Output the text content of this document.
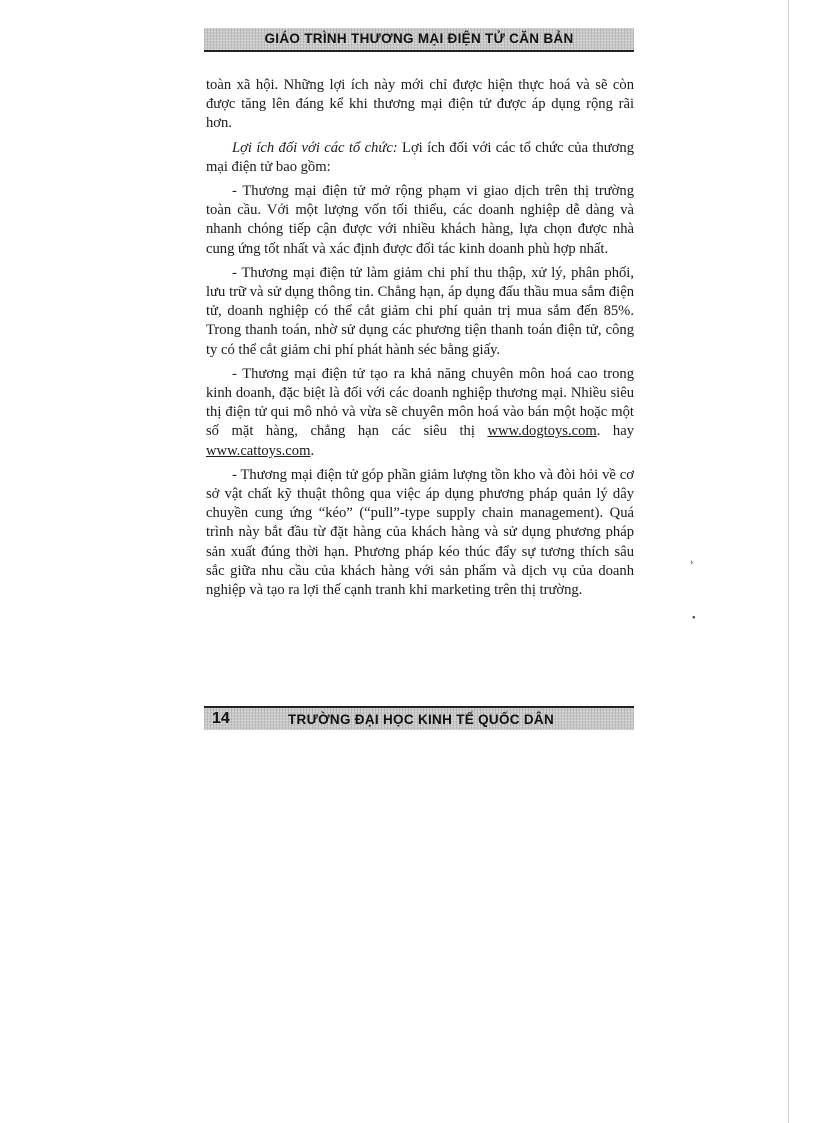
GIÁO TRÌNH THƯƠNG MẠI ĐIỆN TỬ CĂN BẢN

toàn xã hội. Những lợi ích này mới chỉ được hiện thực hoá và sẽ còn được tăng lên đáng kể khi thương mại điện tử được áp dụng rộng rãi hơn.

Lợi ích đối với các tổ chức: Lợi ích đối với các tổ chức của thương mại điện tử bao gồm:

- Thương mại điện tử mở rộng phạm vi giao dịch trên thị trường toàn cầu. Với một lượng vốn tối thiểu, các doanh nghiệp dễ dàng và nhanh chóng tiếp cận được với nhiều khách hàng, lựa chọn được nhà cung ứng tốt nhất và xác định được đối tác kinh doanh phù hợp nhất.

- Thương mại điện tử làm giảm chi phí thu thập, xử lý, phân phối, lưu trữ và sử dụng thông tin. Chẳng hạn, áp dụng đấu thầu mua sắm điện tử, doanh nghiệp có thể cắt giảm chi phí quản trị mua sắm đến 85%. Trong thanh toán, nhờ sử dụng các phương tiện thanh toán điện tử, công ty có thể cắt giảm chi phí phát hành séc bằng giấy.

- Thương mại điện tử tạo ra khả năng chuyên môn hoá cao trong kinh doanh, đặc biệt là đối với các doanh nghiệp thương mại. Nhiều siêu thị điện tử qui mô nhỏ và vừa sẽ chuyên môn hoá vào bán một hoặc một số mặt hàng, chẳng hạn các siêu thị www.dogtoys.com. hay www.cattoys.com.

- Thương mại điện tử góp phần giảm lượng tồn kho và đòi hỏi về cơ sở vật chất kỹ thuật thông qua việc áp dụng phương pháp quản lý dây chuyền cung ứng “kéo” (“pull”-type supply chain management). Quá trình này bắt đầu từ đặt hàng của khách hàng và sử dụng phương pháp sản xuất đúng thời hạn. Phương pháp kéo thúc đẩy sự tương thích sâu sắc giữa nhu cầu của khách hàng với sản phẩm và dịch vụ của doanh nghiệp và tạo ra lợi thế cạnh tranh khi marketing trên thị trường.

14	TRƯỜNG ĐẠI HỌC KINH TẾ QUỐC DÂN
›
•
